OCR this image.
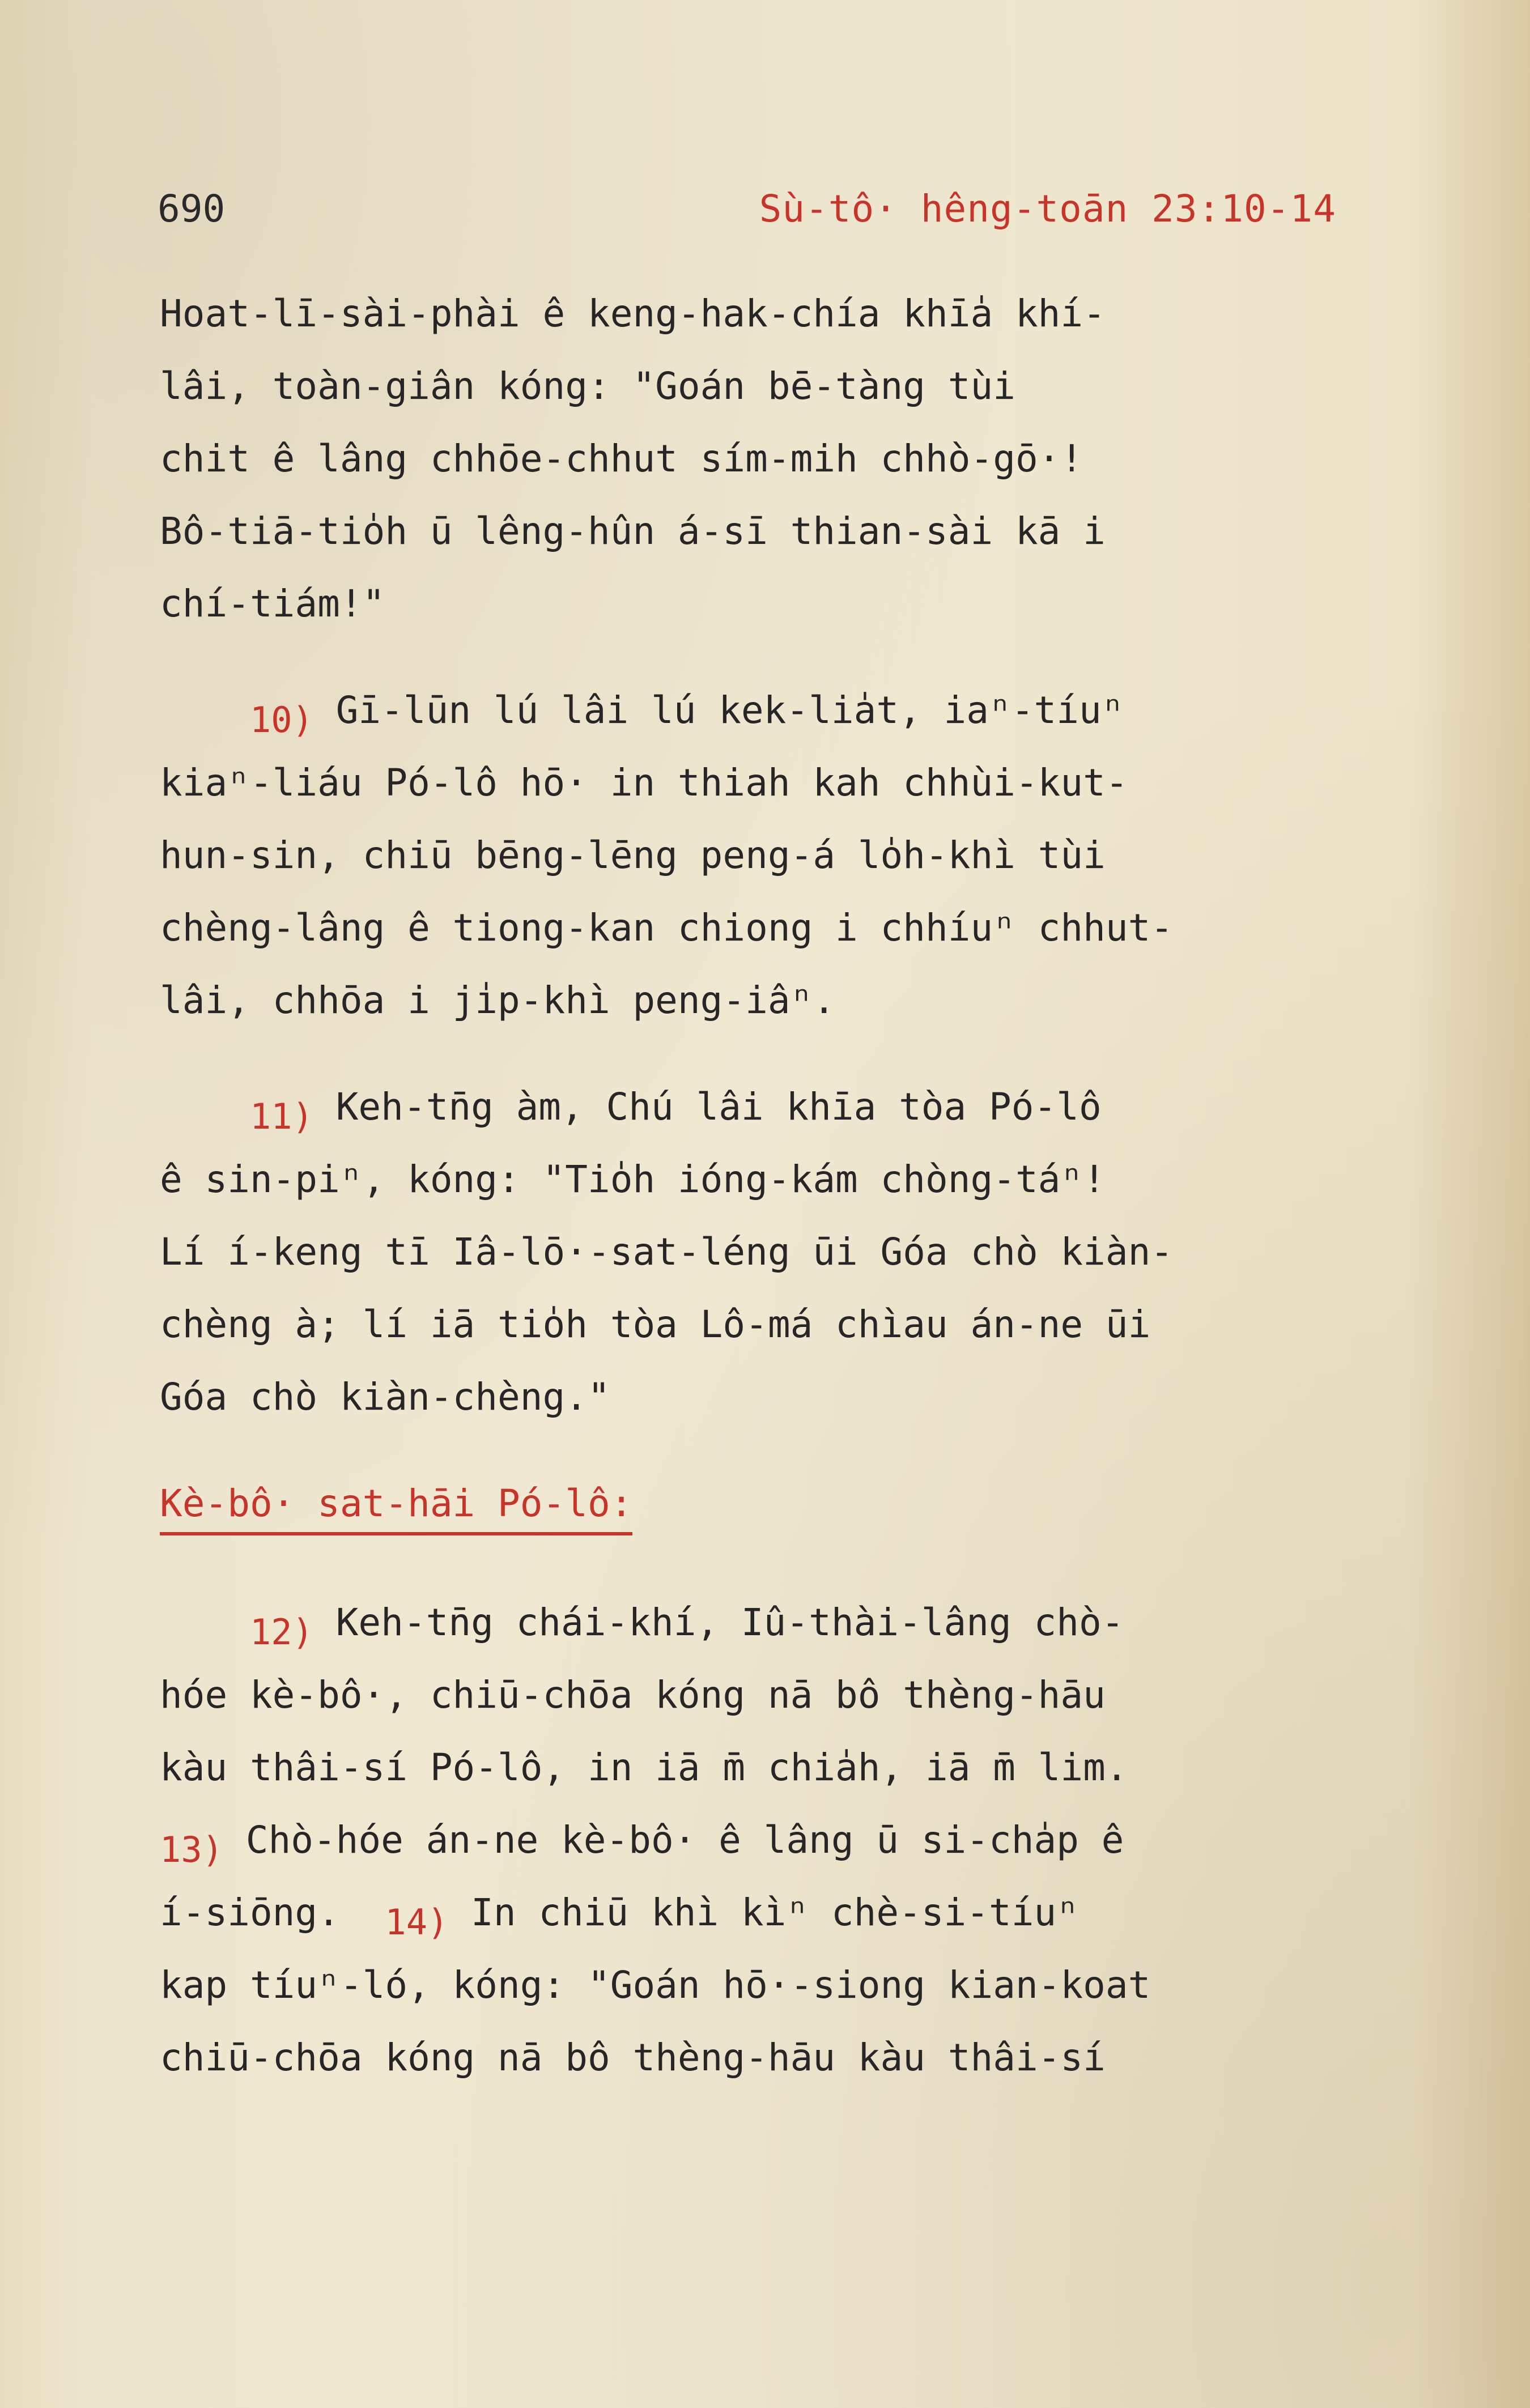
690	Sù-tô· hêng-toān 23:10-14
Hoat-lī-sài-phài ê keng-hak-chía khī̍a khí-
lâi, toàn-giân kóng: "Goán bē-tàng tùi
chit ê lâng chhōe-chhut sím-mih chhò-gō·!
Bô-tiā-tio̍h ū lêng-hûn á-sī thian-sài kā i
chí-tiám!"
10) Gī-lūn lú lâi lú kek-lia̍t, iaⁿ-tíuⁿ
kiaⁿ-liáu Pó-lô hō· in thiah kah chhùi-kut-
hun-sin, chiū bēng-lēng peng-á lo̍h-khì tùi
chèng-lâng ê tiong-kan chiong i chhíuⁿ chhut-
lâi, chhōa i ji̍p-khì peng-iâⁿ.
11) Keh-tn̄g àm, Chú lâi khīa tòa Pó-lô
ê sin-piⁿ, kóng: "Tio̍h ióng-kám chòng-táⁿ!
Lí í-keng tī Iâ-lō·-sat-léng ūi Góa chò kiàn-
chèng à; lí iā tio̍h tòa Lô-má chìau án-ne ūi
Góa chò kiàn-chèng."
Kè-bô· sat-hāi Pó-lô:
12) Keh-tn̄g chái-khí, Iû-thài-lâng chò-
hóe kè-bô·, chiū-chōa kóng nā bô thèng-hāu
kàu thâi-sí Pó-lô, in iā m̄ chia̍h, iā m̄ lim.
13) Chò-hóe án-ne kè-bô· ê lâng ū si-cha̍p ê
í-siōng. 14) In chiū khì kìⁿ chè-si-tíuⁿ
kap tíuⁿ-ló, kóng: "Goán hō·-siong kian-koat
chiū-chōa kóng nā bô thèng-hāu kàu thâi-sí
